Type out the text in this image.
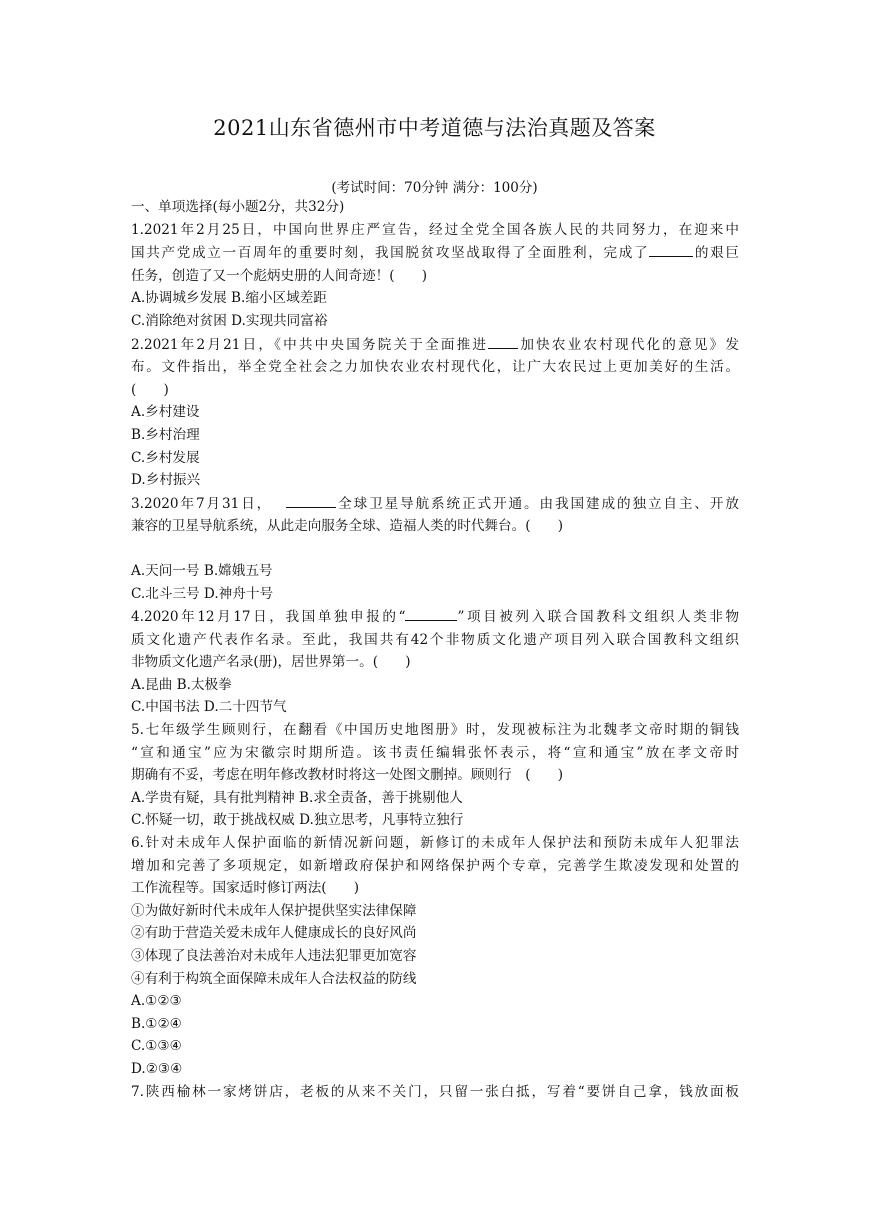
2021山东省德州市中考道德与法治真题及答案
(考试时间：70分钟 满分：100分)

一、单项选择(每小题2分，共32分)

1.2021年2月25日，中国向世界庄严宣告，经过全党全国各族人民的共同努力，在迎来中

国共产党成立一百周年的重要时刻，我国脱贫攻坚战取得了全面胜利，完成了	的艰巨

任务，创造了又一个彪炳史册的人间奇迹！(　　)

A.协调城乡发展 B.缩小区域差距

C.消除绝对贫困 D.实现共同富裕

2.2021年2月21日，《中共中央国务院关于全面推进 加快农业农村现代化的意见》发

布。文件指出，举全党全社会之力加快农业农村现代化，让广大农民过上更加美好的生活。

(　　)

A.乡村建设

B.乡村治理

C.乡村发展

D.乡村振兴

3.2020年7月31日，	全球卫星导航系统正式开通。由我国建成的独立自主、开放

兼容的卫星导航系统，从此走向服务全球、造福人类的时代舞台。(　　)

A.天问一号 B.嫦娥五号

C.北斗三号 D.神舟十号

4.2020年12月17日，我国单独申报的“	”项目被列入联合国教科文组织人类非物

质文化遗产代表作名录。至此，我国共有42个非物质文化遗产项目列入联合国教科文组织

非物质文化遗产名录(册)，居世界第一。(　　)

A.昆曲 B.太极拳

C.中国书法 D.二十四节气

5.七年级学生顾则行，在翻看《中国历史地图册》时，发现被标注为北魏孝文帝时期的铜钱

“宣和通宝”应为宋徽宗时期所造。该书责任编辑张怀表示，将“宣和通宝”放在孝文帝时

期确有不妥，考虑在明年修改教材时将这一处图文删掉。顾则行　(　　)

A.学贵有疑，具有批判精神 B.求全责备，善于挑剔他人

C.怀疑一切，敢于挑战权威 D.独立思考，凡事特立独行

6.针对未成年人保护面临的新情况新问题，新修订的未成年人保护法和预防未成年人犯罪法

增加和完善了多项规定，如新增政府保护和网络保护两个专章，完善学生欺凌发现和处置的

工作流程等。国家适时修订两法(　　)

①为做好新时代未成年人保护提供坚实法律保障

②有助于营造关爱未成年人健康成长的良好风尚

③体现了良法善治对未成年人违法犯罪更加宽容

④有利于构筑全面保障未成年人合法权益的防线

A.①②③

B.①②④

C.①③④

D.②③④

7.陕西榆林一家烤饼店，老板的从来不关门，只留一张白抵，写着“要饼自己拿，钱放面板
